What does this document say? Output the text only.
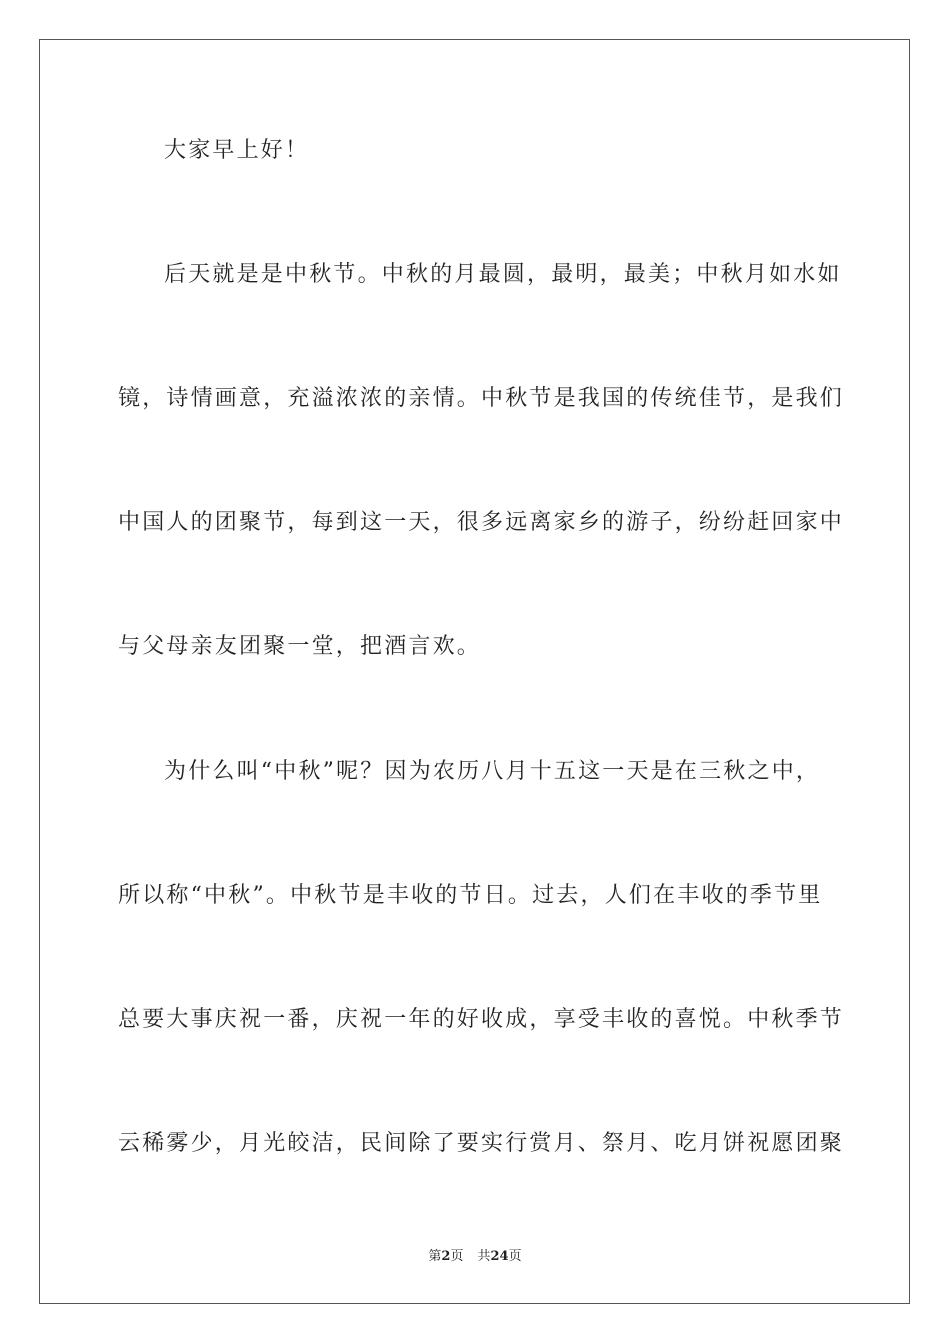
大家早上好！
后天就是是中秋节。中秋的月最圆，最明，最美；中秋月如水如
镜，诗情画意，充溢浓浓的亲情。中秋节是我国的传统佳节，是我们
中国人的团聚节，每到这一天，很多远离家乡的游子，纷纷赶回家中
与父母亲友团聚一堂，把酒言欢。
为什么叫“中秋”呢？因为农历八月十五这一天是在三秋之中，
所以称“中秋”。中秋节是丰收的节日。过去，人们在丰收的季节里
总要大事庆祝一番，庆祝一年的好收成，享受丰收的喜悦。中秋季节
云稀雾少，月光皎洁，民间除了要实行赏月、祭月、吃月饼祝愿团聚
第2页 共24页
